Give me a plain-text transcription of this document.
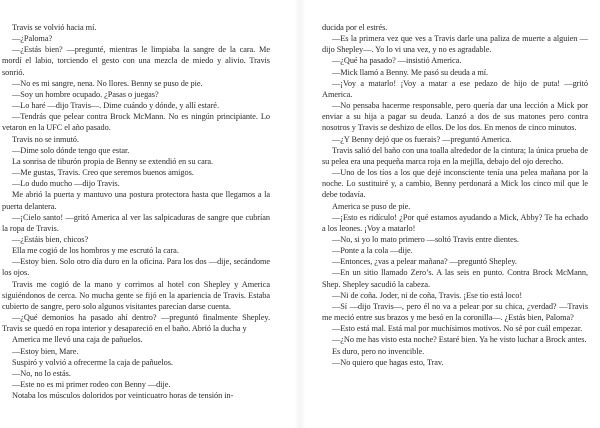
Travis se volvió hacia mí.

—¿Paloma?

—¿Estás bien? —pregunté, mientras le limpiaba la sangre de la cara. Me mordí el labio, torciendo el gesto con una mezcla de miedo y alivio. Travis sonrió.

—No es mi sangre, nena. No llores. Benny se puso de pie.

—Soy un hombre ocupado. ¿Pasas o juegas?

—Lo haré —dijo Travis—. Dime cuándo y dónde, y allí estaré.

—Tendrás que pelear contra Brock McMann. No es ningún principiante. Lo vetaron en la UFC el año pasado.

Travis no se inmutó.

—Dime solo dónde tengo que estar.

La sonrisa de tiburón propia de Benny se extendió en su cara.

—Me gustas, Travis. Creo que seremos buenos amigos.

—Lo dudo mucho —dijo Travis.

Me abrió la puerta y mantuvo una postura protectora hasta que llegamos a la puerta delantera.

—¡Cielo santo! —gritó America al ver las salpicaduras de sangre que cubrían la ropa de Travis.

—¿Estáis bien, chicos?

Ella me cogió de los hombros y me escrutó la cara.

—Estoy bien. Solo otro día duro en la oficina. Para los dos —dije, secándome los ojos.

Travis me cogió de la mano y corrimos al hotel con Shepley y America siguiéndonos de cerca. No mucha gente se fijó en la apariencia de Travis. Estaba cubierto de sangre, pero solo algunos visitantes parecían darse cuenta.

—¿Qué demonios ha pasado ahí dentro? —preguntó finalmente Shepley. Travis se quedó en ropa interior y desapareció en el baño. Abrió la ducha y

America me llevó una caja de pañuelos.

—Estoy bien, Mare.

Suspiró y volvió a ofrecerme la caja de pañuelos.

—No, no lo estás.

—Este no es mi primer rodeo con Benny —dije.

Notaba los músculos doloridos por veinticuatro horas de tensión in-

ducida por el estrés.

—Es la primera vez que ves a Travis darle una paliza de muerte a alguien —dijo Shepley—. Yo lo vi una vez, y no es agradable.

—¿Qué ha pasado? —insistió America.

—Mick llamó a Benny. Me pasó su deuda a mí.

—¡Voy a matarlo! ¡Voy a matar a ese pedazo de hijo de puta! —gritó America.

—No pensaba hacerme responsable, pero quería dar una lección a Mick por enviar a su hija a pagar su deuda. Lanzó a dos de sus matones pero contra nosotros y Travis se deshizo de ellos. De los dos. En menos de cinco minutos.

—¿Y Benny dejó que os fuerais? —preguntó America.

Travis salió del baño con una toalla alrededor de la cintura; la única prueba de su pelea era una pequeña marca roja en la mejilla, debajo del ojo derecho.

—Uno de los tíos a los que dejé inconsciente tenía una pelea mañana por la noche. Lo sustituiré y, a cambio, Benny perdonará a Mick los cinco mil que le debe todavía.

America se puso de pie.

—¡Esto es ridículo! ¿Por qué estamos ayudando a Mick, Abby? Te ha echado a los leones. ¡Voy a matarlo!

—No, si yo lo mato primero —soltó Travis entre dientes.

—Ponte a la cola —dije.

—Entonces, ¿vas a pelear mañana? —preguntó Shepley.

—En un sitio llamado Zero’s. A las seis en punto. Contra Brock McMann, Shep. Shepley sacudió la cabeza.

—Ni de coña. Joder, ni de coña, Travis. ¡Ese tío está loco!

—Sí —dijo Travis—, pero él no va a pelear por su chica, ¿verdad? —Travis me meció entre sus brazos y me besó en la coronilla—. ¿Estás bien, Paloma?

—Esto está mal. Está mal por muchísimos motivos. No sé por cuál empezar.

—¿No me has visto esta noche? Estaré bien. Ya he visto luchar a Brock antes.

Es duro, pero no invencible.

—No quiero que hagas esto, Trav.
